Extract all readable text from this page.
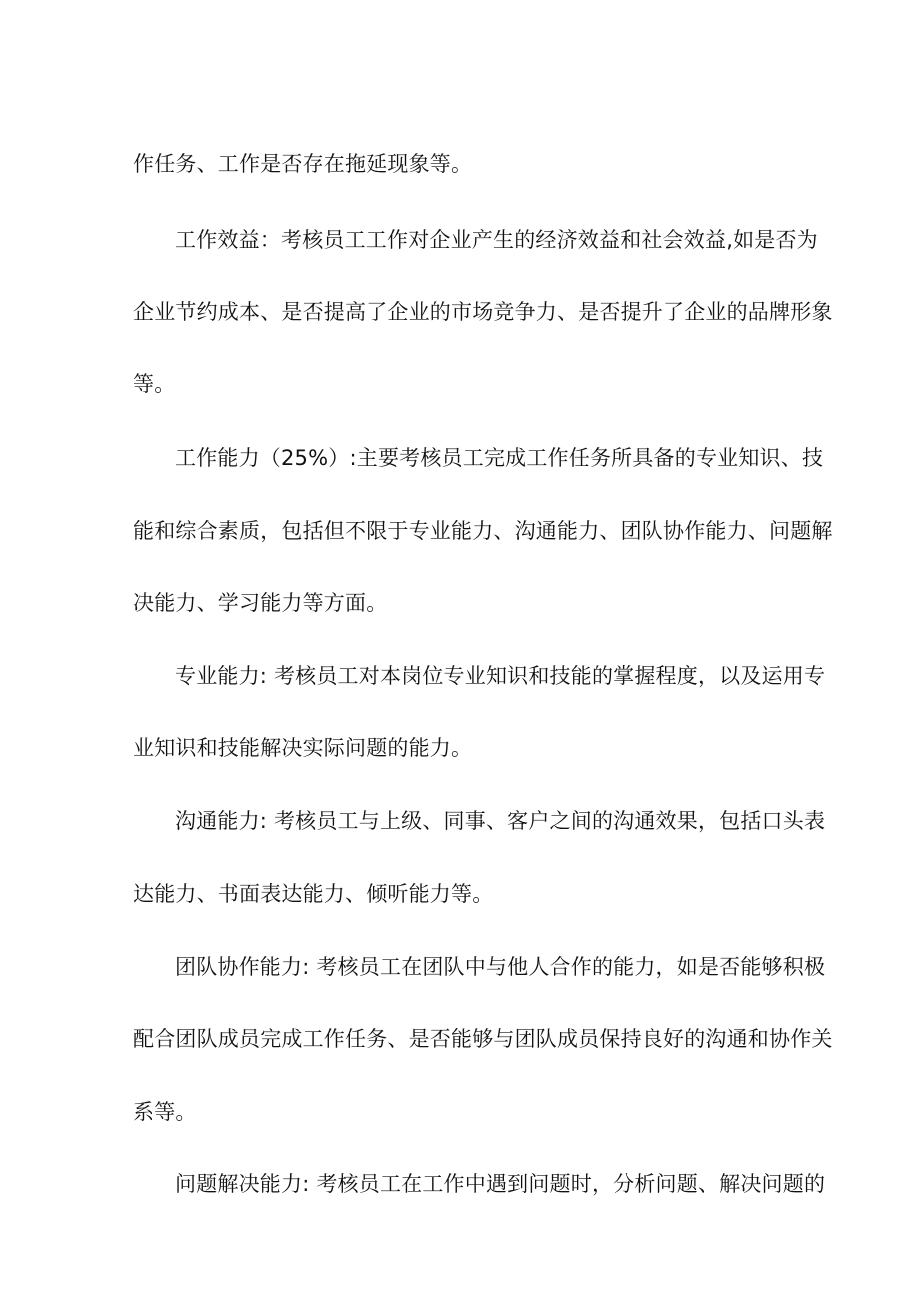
作任务、工作是否存在拖延现象等。
工作效益：考核员工工作对企业产生的经济效益和社会效益,如是否为
企业节约成本、是否提高了企业的市场竞争力、是否提升了企业的品牌形象
等。
工作能力（25%）:主要考核员工完成工作任务所具备的专业知识、技
能和综合素质，包括但不限于专业能力、沟通能力、团队协作能力、问题解
决能力、学习能力等方面。
专业能力: 考核员工对本岗位专业知识和技能的掌握程度，以及运用专
业知识和技能解决实际问题的能力。
沟通能力: 考核员工与上级、同事、客户之间的沟通效果，包括口头表
达能力、书面表达能力、倾听能力等。
团队协作能力: 考核员工在团队中与他人合作的能力，如是否能够积极
配合团队成员完成工作任务、是否能够与团队成员保持良好的沟通和协作关
系等。
问题解决能力: 考核员工在工作中遇到问题时，分析问题、解决问题的
